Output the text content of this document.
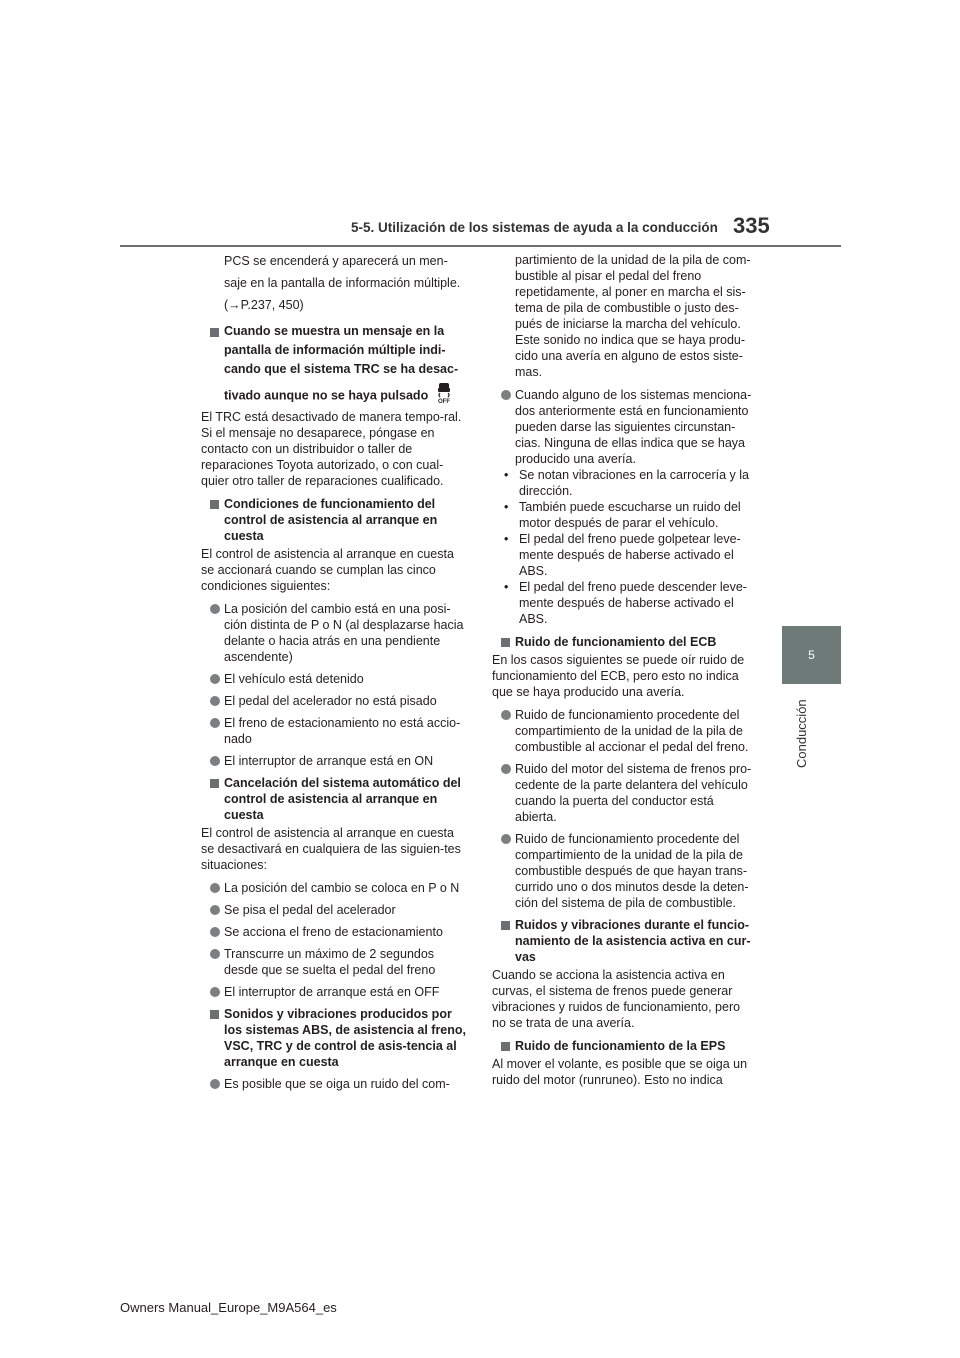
5-5. Utilización de los sistemas de ayuda a la conducción 335
5
Conducción

PCS se encenderá y aparecerá un men-

saje en la pantalla de información múltiple.

(→P.237, 450)

Cuando se muestra un mensaje en la
pantalla de información múltiple indi-
cando que el sistema TRC se ha desac-
tivado aunque no se haya pulsado OFF

El TRC está desactivado de manera tempo-ral. Si el mensaje no desaparece, póngase en contacto con un distribuidor o taller de reparaciones Toyota autorizado, o con cual-quier otro taller de reparaciones cualificado.

Condiciones de funcionamiento del control de asistencia al arranque en cuesta

El control de asistencia al arranque en cuesta se accionará cuando se cumplan las cinco condiciones siguientes:

La posición del cambio está en una posi-ción distinta de P o N (al desplazarse hacia delante o hacia atrás en una pendiente ascendente)

El vehículo está detenido

El pedal del acelerador no está pisado

El freno de estacionamiento no está accio-nado

El interruptor de arranque está en ON

Cancelación del sistema automático del control de asistencia al arranque en cuesta

El control de asistencia al arranque en cuesta se desactivará en cualquiera de las siguien-tes situaciones:

La posición del cambio se coloca en P o N

Se pisa el pedal del acelerador

Se acciona el freno de estacionamiento

Transcurre un máximo de 2 segundos desde que se suelta el pedal del freno

El interruptor de arranque está en OFF

Sonidos y vibraciones producidos por los sistemas ABS, de asistencia al freno, VSC, TRC y de control de asis-tencia al arranque en cuesta

Es posible que se oiga un ruido del com-

partimiento de la unidad de la pila de com-bustible al pisar el pedal del freno repetidamente, al poner en marcha el sis-tema de pila de combustible o justo des-pués de iniciarse la marcha del vehículo. Este sonido no indica que se haya produ-cido una avería en alguno de estos siste-mas.

Cuando alguno de los sistemas menciona-dos anteriormente está en funcionamiento pueden darse las siguientes circunstan-cias. Ninguna de ellas indica que se haya producido una avería.

• Se notan vibraciones en la carrocería y la dirección.

• También puede escucharse un ruido del motor después de parar el vehículo.

• El pedal del freno puede golpetear leve-mente después de haberse activado el ABS.

• El pedal del freno puede descender leve-mente después de haberse activado el ABS.

Ruido de funcionamiento del ECB

En los casos siguientes se puede oír ruido de funcionamiento del ECB, pero esto no indica que se haya producido una avería.

Ruido de funcionamiento procedente del compartimiento de la unidad de la pila de combustible al accionar el pedal del freno.

Ruido del motor del sistema de frenos pro-cedente de la parte delantera del vehículo cuando la puerta del conductor está abierta.

Ruido de funcionamiento procedente del compartimiento de la unidad de la pila de combustible después de que hayan trans-currido uno o dos minutos desde la deten-ción del sistema de pila de combustible.

Ruidos y vibraciones durante el funcio-namiento de la asistencia activa en cur-vas

Cuando se acciona la asistencia activa en curvas, el sistema de frenos puede generar vibraciones y ruidos de funcionamiento, pero no se trata de una avería.

Ruido de funcionamiento de la EPS

Al mover el volante, es posible que se oiga un ruido del motor (runruneo). Esto no indica

Owners Manual_Europe_M9A564_es
